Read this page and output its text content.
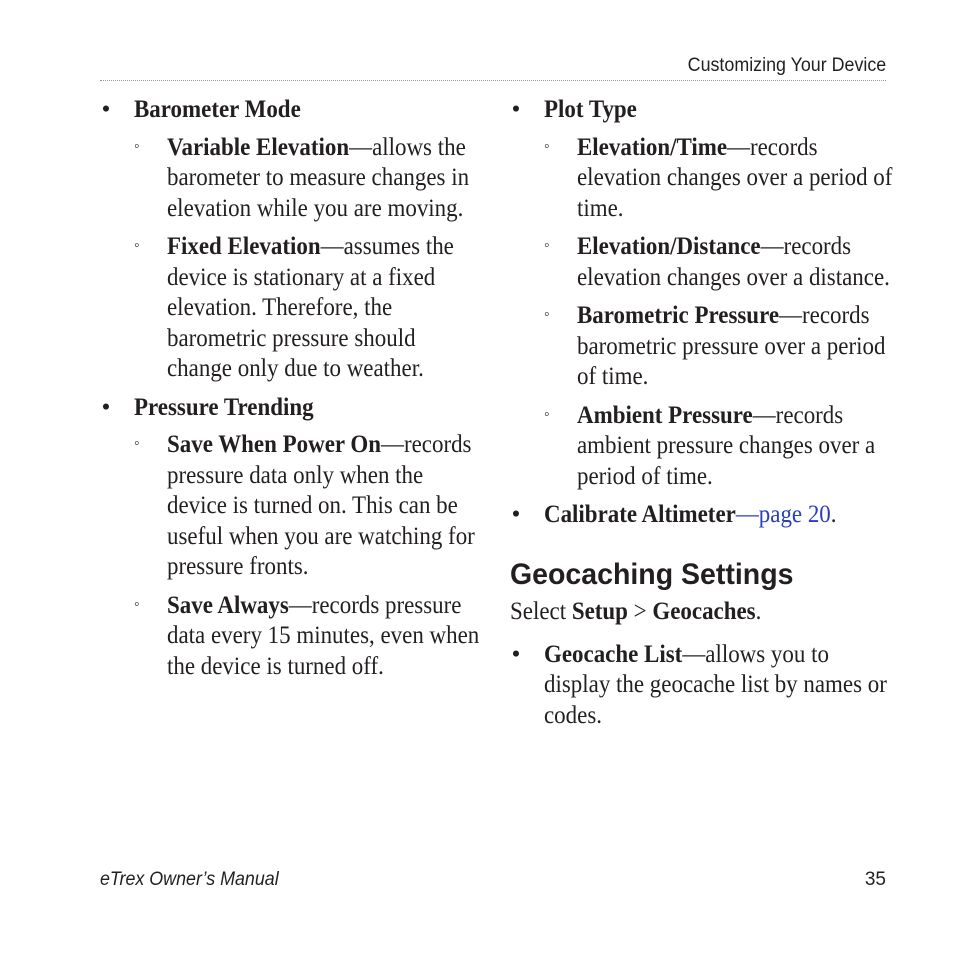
Customizing Your Device
• Barometer Mode
◦ Variable Elevation—allows the barometer to measure changes in elevation while you are moving.
◦ Fixed Elevation—assumes the device is stationary at a fixed elevation. Therefore, the barometric pressure should change only due to weather.
• Pressure Trending
◦ Save When Power On—records pressure data only when the device is turned on. This can be useful when you are watching for pressure fronts.
◦ Save Always—records pressure data every 15 minutes, even when the device is turned off.
• Plot Type
◦ Elevation/Time—records elevation changes over a period of time.
◦ Elevation/Distance—records elevation changes over a distance.
◦ Barometric Pressure—records barometric pressure over a period of time.
◦ Ambient Pressure—records ambient pressure changes over a period of time.
• Calibrate Altimeter—page 20.
Geocaching Settings
Select Setup > Geocaches.
• Geocache List—allows you to display the geocache list by names or codes.
eTrex Owner’s Manual	35
